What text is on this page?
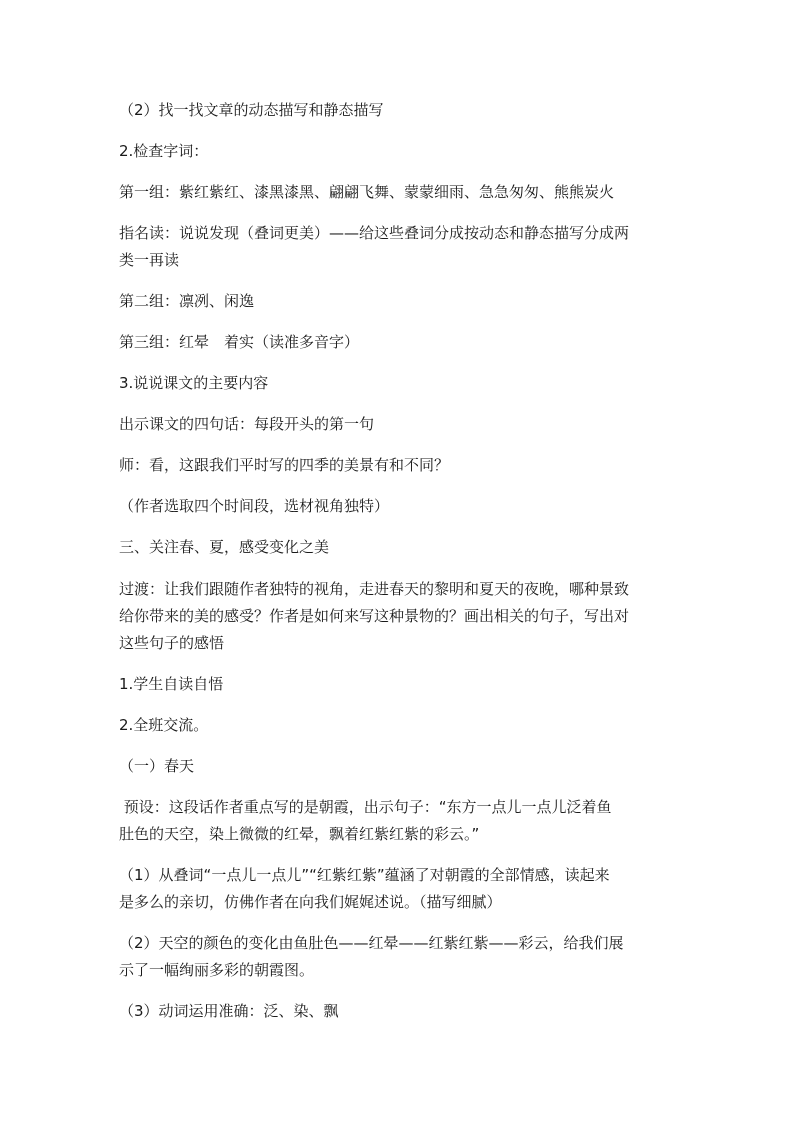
（2）找一找文章的动态描写和静态描写
2.检查字词：
第一组：紫红紫红、漆黑漆黑、翩翩飞舞、蒙蒙细雨、急急匆匆、熊熊炭火
指名读：说说发现（叠词更美）——给这些叠词分成按动态和静态描写分成两
类一再读
第二组：凛冽、闲逸
第三组：红晕　着实（读准多音字）
3.说说课文的主要内容
出示课文的四句话：每段开头的第一句
师：看，这跟我们平时写的四季的美景有和不同？
（作者选取四个时间段，选材视角独特）
三、关注春、夏，感受变化之美
过渡：让我们跟随作者独特的视角，走进春天的黎明和夏天的夜晚，哪种景致
给你带来的美的感受？作者是如何来写这种景物的？画出相关的句子，写出对
这些句子的感悟
1.学生自读自悟
2.全班交流。
（一）春天
预设：这段话作者重点写的是朝霞，出示句子：“东方一点儿一点儿泛着鱼
肚色的天空，染上微微的红晕，飘着红紫红紫的彩云。”
（1）从叠词“一点儿一点儿”“红紫红紫”蕴涵了对朝霞的全部情感，读起来
是多么的亲切，仿佛作者在向我们娓娓述说。（描写细腻）
（2）天空的颜色的变化由鱼肚色——红晕——红紫红紫——彩云，给我们展
示了一幅绚丽多彩的朝霞图。
（3）动词运用准确：泛、染、飘
